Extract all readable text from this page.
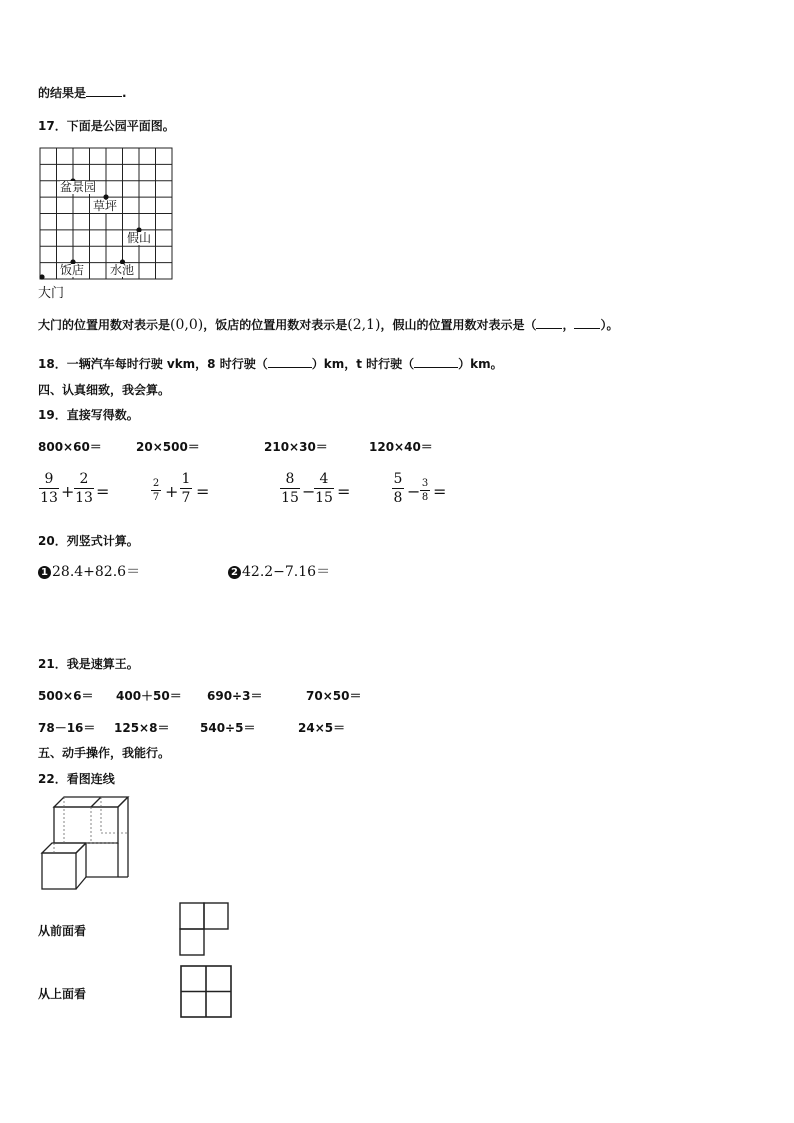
的结果是	.
17．下面是公园平面图。
盆景园
草坪
假山
饭店 水池
大门
大门的位置用数对表示是(0,0)，饭店的位置用数对表示是(2,1)，假山的位置用数对表示是（ ， ）。
18．一辆汽车每时行驶 vkm，8 时行驶（	）km，t 时行驶（	）km。
四、认真细致，我会算。
19．直接写得数。
800×60＝	20×500＝	210×30＝	120×40＝
9
13 +
2
13 =	2
7 +
1
7 =
8
15 −
4
15 =
5
8 − 3
8 =
20．列竖式计算。
1 28.4+82.6＝	2 42.2−7.16＝
21．我是速算王。
500×6＝ 400＋50＝ 690÷3＝	70×50＝
78－16＝ 125×8＝	540÷5＝	24×5＝
五、动手操作，我能行。
22．看图连线
从前面看
从上面看
